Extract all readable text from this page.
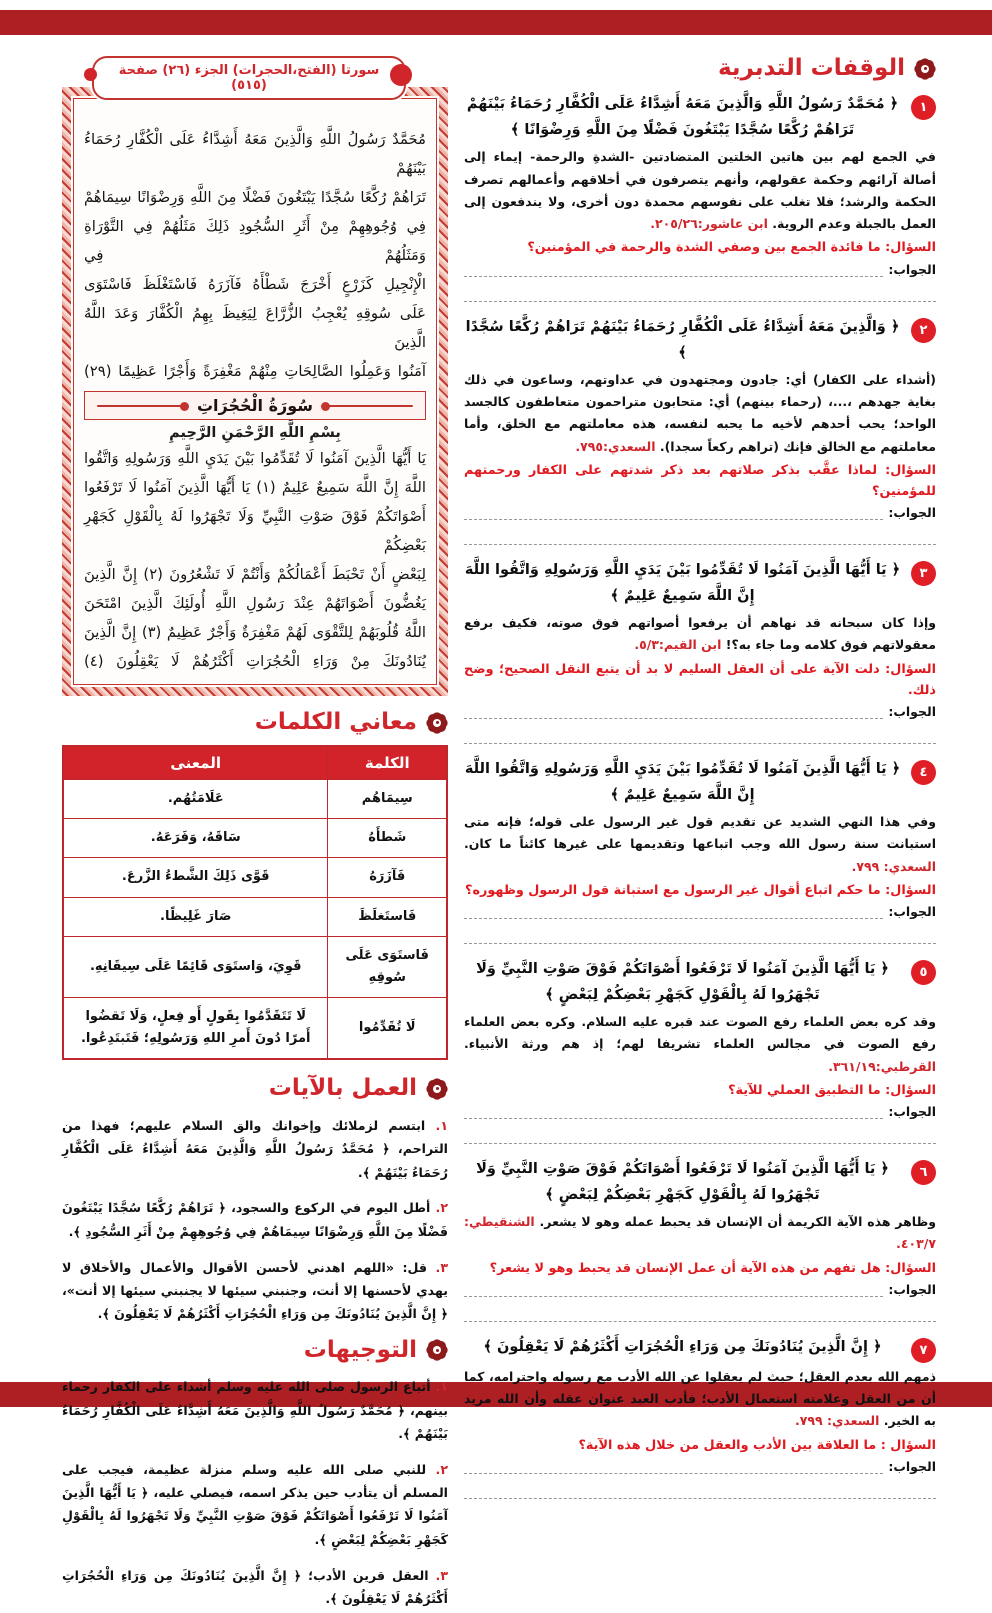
الوقفات التدبرية
١
﴿ مُحَمَّدٌ رَسُولُ اللَّهِ وَالَّذِينَ مَعَهُ أَشِدَّاءُ عَلَى الْكُفَّارِ رُحَمَاءُ بَيْنَهُمْ تَرَاهُمْ رُكَّعًا سُجَّدًا يَبْتَغُونَ فَضْلًا مِنَ اللَّهِ وَرِضْوَانًا ﴾

في الجمع لهم بين هاتين الخلتين المتضادتين -الشدةِ والرحمة- إيماء إلى أصالة آرائهم وحكمة عقولهم، وأنهم يتصرفون في أخلاقهم وأعمالهم تصرف الحكمة والرشد؛ فلا تغلب على نفوسهم محمدة دون أخرى، ولا يندفعون إلى العمل بالجبلة وعدم الروية. ابن عاشور:٢٠٥/٢٦.

السؤال: ما فائدة الجمع بين وصفي الشدة والرحمة في المؤمنين؟

الجواب:
٢
﴿ وَالَّذِينَ مَعَهُ أَشِدَّاءُ عَلَى الْكُفَّارِ رُحَمَاءُ بَيْنَهُمْ تَرَاهُمْ رُكَّعًا سُجَّدًا ﴾

(أشداء على الكفار) أي: جادون ومجتهدون في عداوتهم، وساعون في ذلك بغاية جهدهم ،...، (رحماء بينهم) أي: متحابون متراحمون متعاطفون كالجسد الواحد؛ يحب أحدهم لأخيه ما يحبه لنفسه، هذه معاملتهم مع الخلق، وأما معاملتهم مع الخالق فإنك (تراهم ركعاً سجدا). السعدي:٧٩٥.

السؤال: لماذا عقَّب بذكر صلاتهم بعد ذكر شدتهم على الكفار ورحمتهم للمؤمنين؟

الجواب:
٣
﴿ يَا أَيُّهَا الَّذِينَ آمَنُوا لَا تُقَدِّمُوا بَيْنَ يَدَيِ اللَّهِ وَرَسُولِهِ وَاتَّقُوا اللَّهَ إِنَّ اللَّهَ سَمِيعٌ عَلِيمٌ ﴾

وإذا كان سبحانه قد نهاهم أن يرفعوا أصواتهم فوق صوته، فكيف برفع معقولاتهم فوق كلامه وما جاء به؟! ابن القيم:٥/٣.

السؤال: دلت الآية على أن العقل السليم لا بد أن يتبع النقل الصحيح؛ وضح ذلك.

الجواب:
٤
﴿ يَا أَيُّهَا الَّذِينَ آمَنُوا لَا تُقَدِّمُوا بَيْنَ يَدَيِ اللَّهِ وَرَسُولِهِ وَاتَّقُوا اللَّهَ إِنَّ اللَّهَ سَمِيعٌ عَلِيمٌ ﴾

وفي هذا النهي الشديد عن تقديم قول غير الرسول على قوله؛ فإنه متى استبانت سنة رسول الله وجب اتباعها وتقديمها على غيرها كائناً ما كان. السعدي: ٧٩٩.

السؤال: ما حكم اتباع أقوال غير الرسول مع استبانة قول الرسول وظهوره؟

الجواب:
٥
﴿ يَا أَيُّهَا الَّذِينَ آمَنُوا لَا تَرْفَعُوا أَصْوَاتَكُمْ فَوْقَ صَوْتِ النَّبِيِّ وَلَا تَجْهَرُوا لَهُ بِالْقَوْلِ كَجَهْرِ بَعْضِكُمْ لِبَعْضٍ ﴾

وقد كره بعض العلماء رفع الصوت عند قبره عليه السلام. وكره بعض العلماء رفع الصوت في مجالس العلماء تشريفا لهم؛ إذ هم ورثة الأنبياء. القرطبي:٣٦١/١٩.

السؤال: ما التطبيق العملي للآية؟

الجواب:
٦
﴿ يَا أَيُّهَا الَّذِينَ آمَنُوا لَا تَرْفَعُوا أَصْوَاتَكُمْ فَوْقَ صَوْتِ النَّبِيِّ وَلَا تَجْهَرُوا لَهُ بِالْقَوْلِ كَجَهْرِ بَعْضِكُمْ لِبَعْضٍ ﴾

وظاهر هذه الآية الكريمة أن الإنسان قد يحبط عمله وهو لا يشعر. الشنقيطي: ٤٠٣/٧.

السؤال: هل تفهم من هذه الآية أن عمل الإنسان قد يحبط وهو لا يشعر؟

الجواب:
٧
﴿ إِنَّ الَّذِينَ يُنَادُونَكَ مِن وَرَاءِ الْحُجُرَاتِ أَكْثَرُهُمْ لَا يَعْقِلُونَ ﴾

ذمهم الله بعدم العقل؛ حيث لم يعقلوا عن الله الأدب مع رسوله واحترامه، كما أن من العقل وعلامته استعمال الأدب؛ فأدب العبد عنوان عقله وأن الله مريد به الخير. السعدي: ٧٩٩.

السؤال : ما العلاقة بين الأدب والعقل من خلال هذه الآية؟

الجواب:
سورتا (الفتح،الحجرات) الجزء (٢٦) صفحة (٥١٥)
مُحَمَّدٌ رَسُولُ اللَّهِ وَالَّذِينَ مَعَهُ أَشِدَّاءُ عَلَى الْكُفَّارِ رُحَمَاءُ بَيْنَهُمْ
تَرَاهُمْ رُكَّعًا سُجَّدًا يَبْتَغُونَ فَضْلًا مِنَ اللَّهِ وَرِضْوَانًا سِيمَاهُمْ
فِي وُجُوهِهِمْ مِنْ أَثَرِ السُّجُودِ ذَلِكَ مَثَلُهُمْ فِي التَّوْرَاةِ وَمَثَلُهُمْ فِي
الْإِنْجِيلِ كَزَرْعٍ أَخْرَجَ شَطْأَهُ فَآزَرَهُ فَاسْتَغْلَظَ فَاسْتَوَى
عَلَى سُوقِهِ يُعْجِبُ الزُّرَّاعَ لِيَغِيظَ بِهِمُ الْكُفَّارَ وَعَدَ اللَّهُ الَّذِينَ
آمَنُوا وَعَمِلُوا الصَّالِحَاتِ مِنْهُمْ مَغْفِرَةً وَأَجْرًا عَظِيمًا (٢٩)
سُورَةُ الْحُجُرَاتِ
بِسْمِ اللَّهِ الرَّحْمَنِ الرَّحِيمِ
يَا أَيُّهَا الَّذِينَ آمَنُوا لَا تُقَدِّمُوا بَيْنَ يَدَيِ اللَّهِ وَرَسُولِهِ وَاتَّقُوا
اللَّهَ إِنَّ اللَّهَ سَمِيعٌ عَلِيمٌ (١) يَا أَيُّهَا الَّذِينَ آمَنُوا لَا تَرْفَعُوا
أَصْوَاتَكُمْ فَوْقَ صَوْتِ النَّبِيِّ وَلَا تَجْهَرُوا لَهُ بِالْقَوْلِ كَجَهْرِ بَعْضِكُمْ
لِبَعْضٍ أَنْ تَحْبَطَ أَعْمَالُكُمْ وَأَنْتُمْ لَا تَشْعُرُونَ (٢) إِنَّ الَّذِينَ
يَغُضُّونَ أَصْوَاتَهُمْ عِنْدَ رَسُولِ اللَّهِ أُولَئِكَ الَّذِينَ امْتَحَنَ
اللَّهُ قُلُوبَهُمْ لِلتَّقْوَى لَهُمْ مَغْفِرَةٌ وَأَجْرٌ عَظِيمٌ (٣) إِنَّ الَّذِينَ
يُنَادُونَكَ مِنْ وَرَاءِ الْحُجُرَاتِ أَكْثَرُهُمْ لَا يَعْقِلُونَ (٤)
معاني الكلمات
الكلمة	المعنى
سِيمَاهُم	عَلَامَتُهُم.
شَطأَهُ	سَاقَهُ، وَفَرَعَهُ.
فَآزَرَهُ	قَوَّى ذَلِكَ الشَّطءُ الزَّرعَ.
فَاستَغلَظَ	صَارَ غَلِيظًا.
فَاستَوَى عَلَى سُوقِهِ	قَوِيَ، وَاستَوَى قَائِمًا عَلَى سِيقَانِهِ.
لَا تُقَدِّمُوا	لَا تَتَقَدَّمُوا بِقَولٍ أَو فِعلٍ، وَلَا تَقضُوا أَمرًا دُونَ أَمرِ اللهِ وَرَسُولِهِ؛ فَتَبتَدِعُوا.
العمل بالآيات

١. ابتسم لزملائك وإخوانك والق السلام عليهم؛ فهذا من التراحم، ﴿ مُحَمَّدٌ رَسُولُ اللَّهِ وَالَّذِينَ مَعَهُ أَشِدَّاءُ عَلَى الْكُفَّارِ رُحَمَاءُ بَيْنَهُمْ ﴾.

٢. أطل اليوم في الركوع والسجود، ﴿ تَرَاهُمْ رُكَّعًا سُجَّدًا يَبْتَغُونَ فَضْلًا مِنَ اللَّهِ وَرِضْوَانًا سِيمَاهُمْ فِي وُجُوهِهِمْ مِنْ أَثَرِ السُّجُودِ ﴾.

٣. قل: «اللهم اهدني لأحسن الأقوال والأعمال والأخلاق لا يهدي لأحسنها إلا أنت، وجنبني سيئها لا يجنبني سيئها إلا أنت»، ﴿ إِنَّ الَّذِينَ يُنَادُونَكَ مِن وَرَاءِ الْحُجُرَاتِ أَكْثَرُهُمْ لَا يَعْقِلُونَ ﴾.

التوجيهات

١. أتباع الرسول صلى الله عليه وسلم أشداء على الكفار رحماء بينهم، ﴿ مُحَمَّدٌ رَسُولُ اللَّهِ وَالَّذِينَ مَعَهُ أَشِدَّاءُ عَلَى الْكُفَّارِ رُحَمَاءُ بَيْنَهُمْ ﴾.

٢. للنبي صلى الله عليه وسلم منزلة عظيمة، فيجب على المسلم أن يتأدب حين يذكر اسمه، فيصلي عليه، ﴿ يَا أَيُّهَا الَّذِينَ آمَنُوا لَا تَرْفَعُوا أَصْوَاتَكُمْ فَوْقَ صَوْتِ النَّبِيِّ وَلَا تَجْهَرُوا لَهُ بِالْقَوْلِ كَجَهْرِ بَعْضِكُمْ لِبَعْضٍ ﴾.

٣. العقل قرين الأدب؛ ﴿ إِنَّ الَّذِينَ يُنَادُونَكَ مِن وَرَاءِ الْحُجُرَاتِ أَكْثَرُهُمْ لَا يَعْقِلُونَ ﴾.
